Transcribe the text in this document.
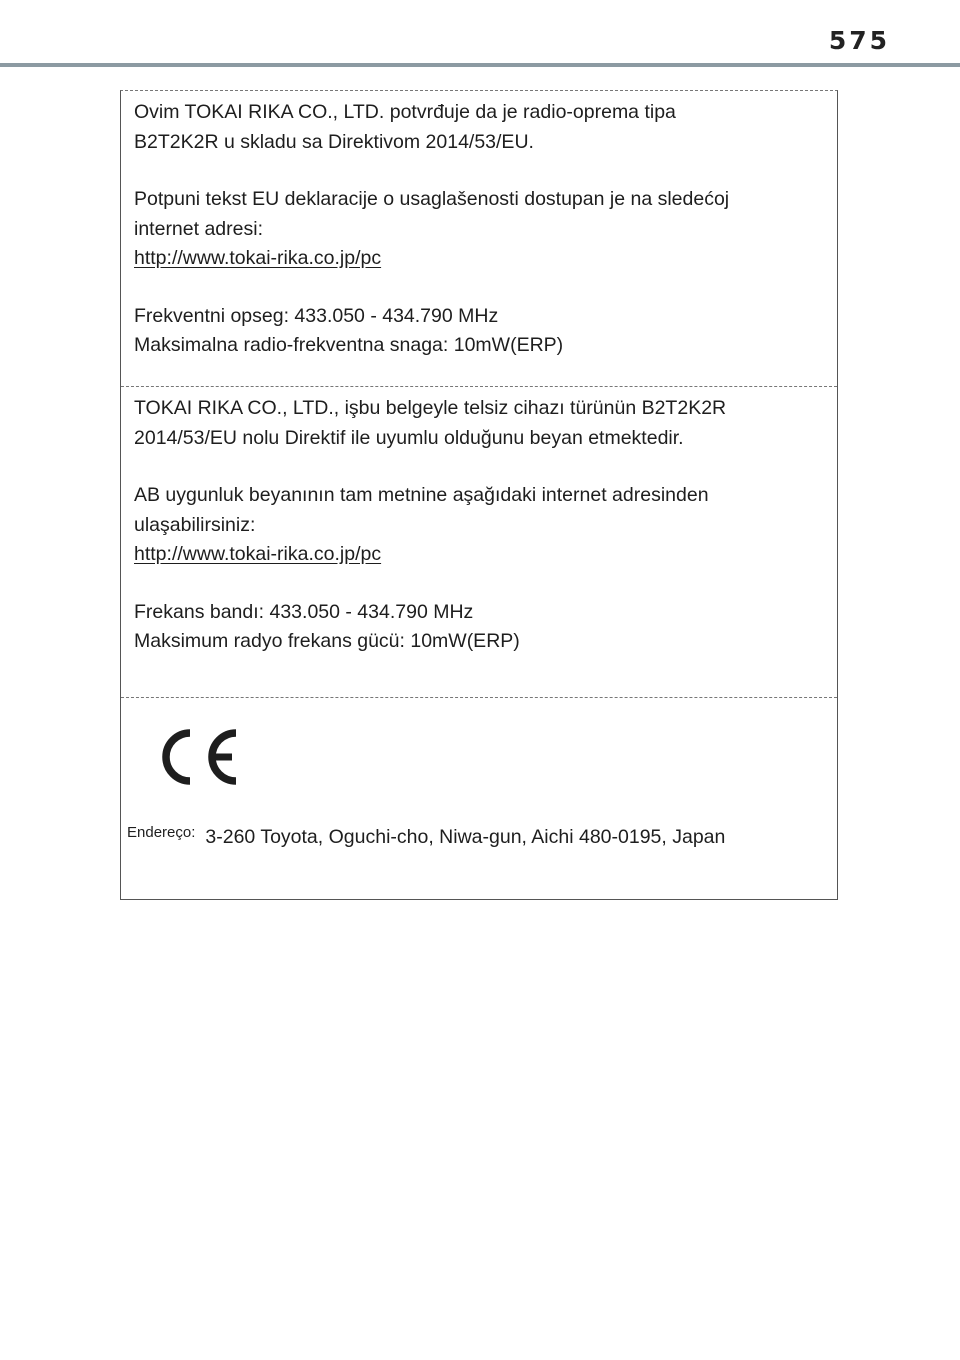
575
Ovim TOKAI RIKA CO., LTD. potvrđuje da je radio-oprema tipa
B2T2K2R u skladu sa Direktivom 2014/53/EU.
Potpuni tekst EU deklaracije o usaglašenosti dostupan je na sledećoj
internet adresi:
http://www.tokai-rika.co.jp/pc
Frekventni opseg: 433.050 - 434.790 MHz
Maksimalna radio-frekventna snaga: 10mW(ERP)
TOKAI RIKA CO., LTD., işbu belgeyle telsiz cihazı türünün B2T2K2R
2014/53/EU nolu Direktif ile uyumlu olduğunu beyan etmektedir.
AB uygunluk beyanının tam metnine aşağıdaki internet adresinden
ulaşabilirsiniz:
http://www.tokai-rika.co.jp/pc
Frekans bandı: 433.050 - 434.790 MHz
Maksimum radyo frekans gücü: 10mW(ERP)
Endereço: 3-260 Toyota, Oguchi-cho, Niwa-gun, Aichi 480-0195, Japan
